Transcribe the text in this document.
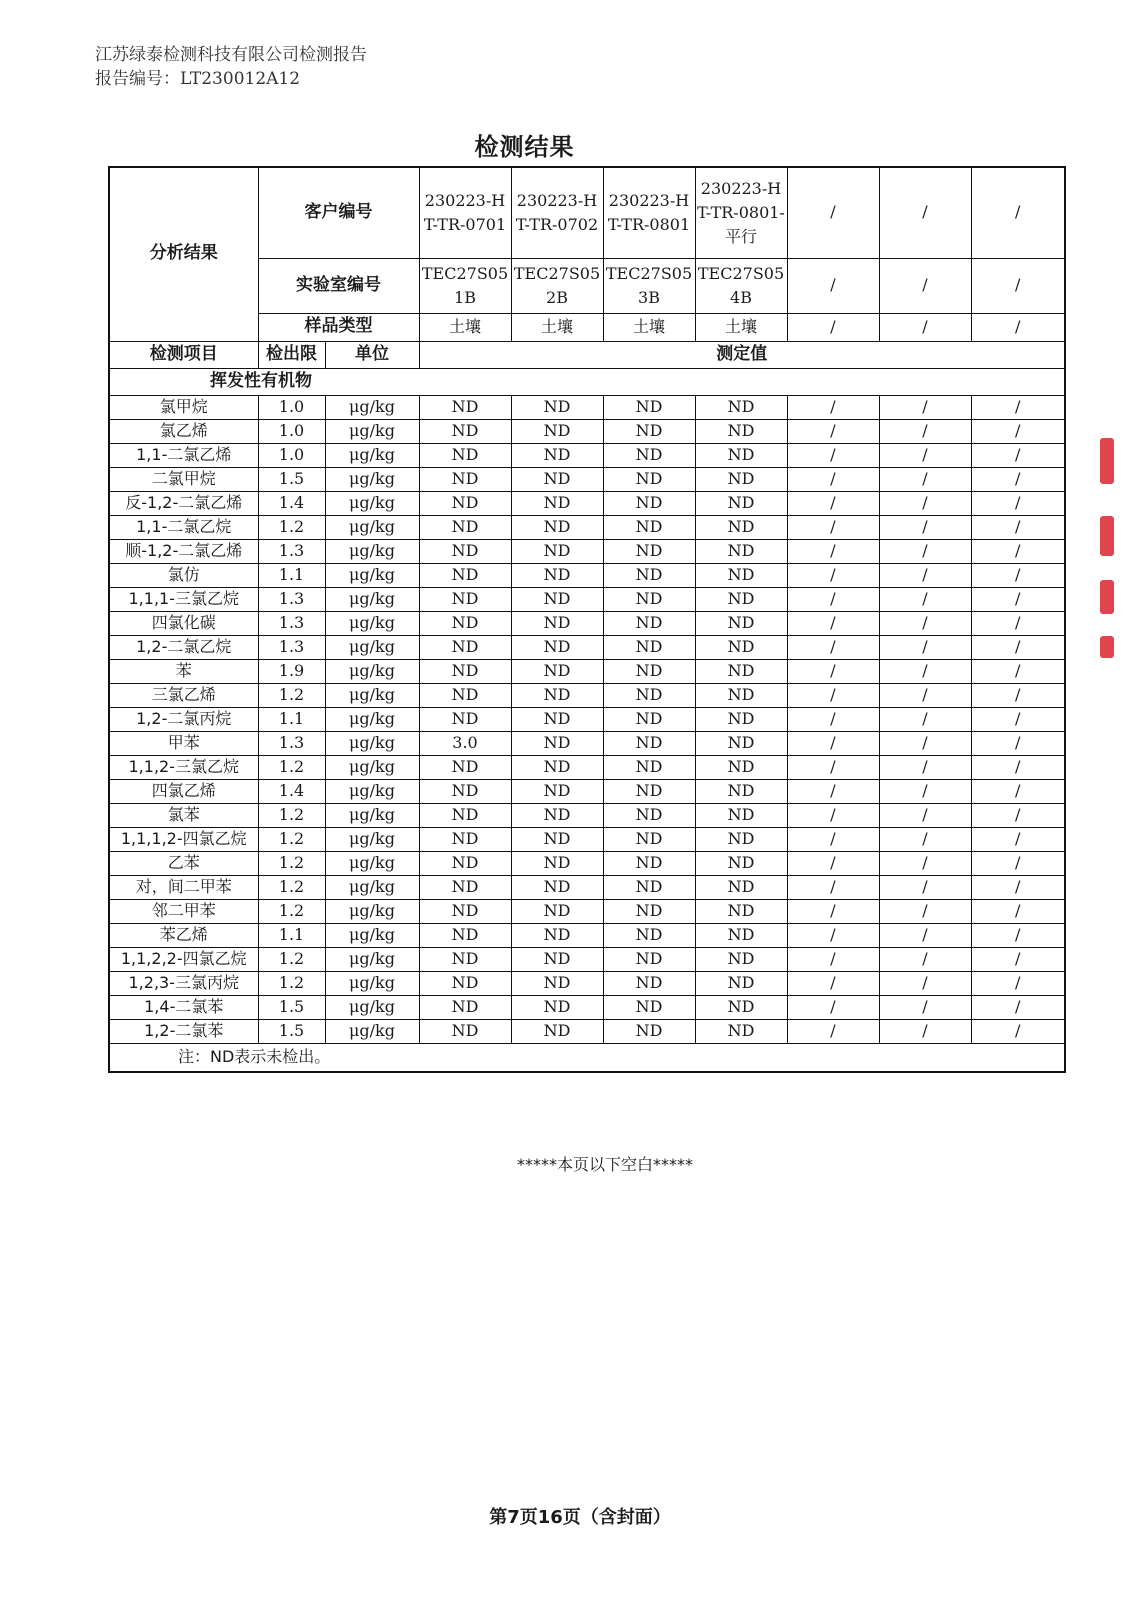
江苏绿泰检测科技有限公司检测报告
报告编号：LT230012A12
检测结果
分析结果	客户编号		230223-HT-TR-0701	230223-HT-TR-0702	230223-HT-TR-0801	230223-HT-TR-0801-平行	/	/	/
	实验室编号		TEC27S051B	TEC27S052B	TEC27S053B	TEC27S054B	/	/	/
	样品类型		土壤	土壤	土壤	土壤	/	/	/
检测项目	检出限	单位	测定值						
挥发性有机物									
氯甲烷	1.0	μg/kg	ND	ND	ND	ND	/	/	/
氯乙烯	1.0	μg/kg	ND	ND	ND	ND	/	/	/
1,1-二氯乙烯	1.0	μg/kg	ND	ND	ND	ND	/	/	/
二氯甲烷	1.5	μg/kg	ND	ND	ND	ND	/	/	/
反-1,2-二氯乙烯	1.4	μg/kg	ND	ND	ND	ND	/	/	/
1,1-二氯乙烷	1.2	μg/kg	ND	ND	ND	ND	/	/	/
顺-1,2-二氯乙烯	1.3	μg/kg	ND	ND	ND	ND	/	/	/
氯仿	1.1	μg/kg	ND	ND	ND	ND	/	/	/
1,1,1-三氯乙烷	1.3	μg/kg	ND	ND	ND	ND	/	/	/
四氯化碳	1.3	μg/kg	ND	ND	ND	ND	/	/	/
1,2-二氯乙烷	1.3	μg/kg	ND	ND	ND	ND	/	/	/
苯	1.9	μg/kg	ND	ND	ND	ND	/	/	/
三氯乙烯	1.2	μg/kg	ND	ND	ND	ND	/	/	/
1,2-二氯丙烷	1.1	μg/kg	ND	ND	ND	ND	/	/	/
甲苯	1.3	μg/kg	3.0	ND	ND	ND	/	/	/
1,1,2-三氯乙烷	1.2	μg/kg	ND	ND	ND	ND	/	/	/
四氯乙烯	1.4	μg/kg	ND	ND	ND	ND	/	/	/
氯苯	1.2	μg/kg	ND	ND	ND	ND	/	/	/
1,1,1,2-四氯乙烷	1.2	μg/kg	ND	ND	ND	ND	/	/	/
乙苯	1.2	μg/kg	ND	ND	ND	ND	/	/	/
对，间二甲苯	1.2	μg/kg	ND	ND	ND	ND	/	/	/
邻二甲苯	1.2	μg/kg	ND	ND	ND	ND	/	/	/
苯乙烯	1.1	μg/kg	ND	ND	ND	ND	/	/	/
1,1,2,2-四氯乙烷	1.2	μg/kg	ND	ND	ND	ND	/	/	/
1,2,3-三氯丙烷	1.2	μg/kg	ND	ND	ND	ND	/	/	/
1,4-二氯苯	1.5	μg/kg	ND	ND	ND	ND	/	/	/
1,2-二氯苯	1.5	μg/kg	ND	ND	ND	ND	/	/	/
注：ND表示未检出。									
*****本页以下空白*****
第7页16页（含封面）
